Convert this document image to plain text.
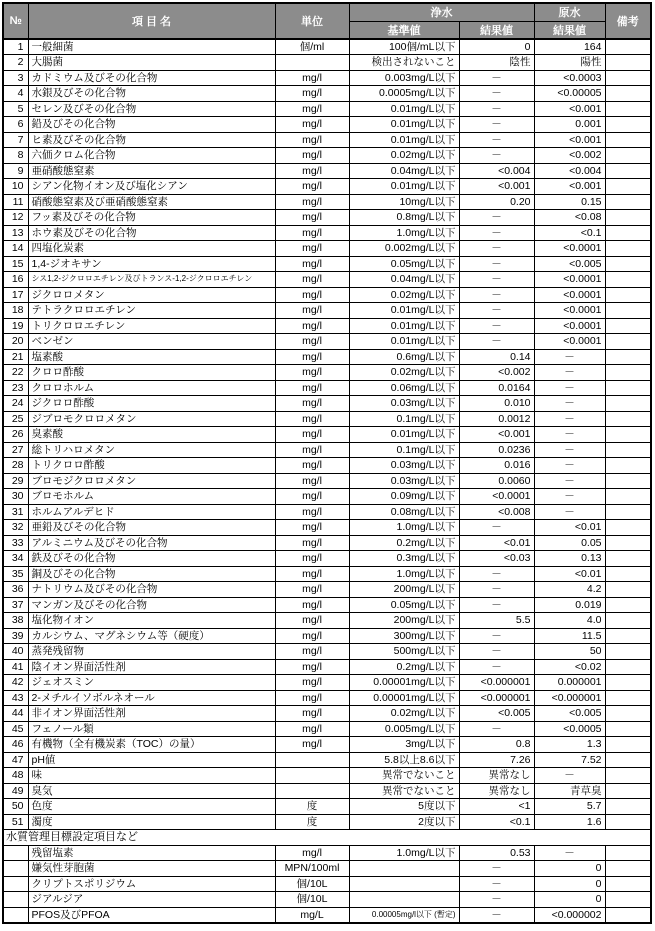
№	項 目 名	単位	浄水		原水	備考
			基準値	結果値	結果値	
1	一般細菌	個/ml	100個/mL以下	0	164	
2	大腸菌		検出されないこと	陰性	陽性	
3	カドミウム及びその化合物	mg/l	0.003mg/L以下	－	<0.0003	
4	水銀及びその化合物	mg/l	0.0005mg/L以下	－	<0.00005	
5	セレン及びその化合物	mg/l	0.01mg/L以下	－	<0.001	
6	鉛及びその化合物	mg/l	0.01mg/L以下	－	0.001	
7	ヒ素及びその化合物	mg/l	0.01mg/L以下	－	<0.001	
8	六価クロム化合物	mg/l	0.02mg/L以下	－	<0.002	
9	亜硝酸態窒素	mg/l	0.04mg/L以下	<0.004	<0.004	
10	シアン化物イオン及び塩化シアン	mg/l	0.01mg/L以下	<0.001	<0.001	
11	硝酸態窒素及び亜硝酸態窒素	mg/l	10mg/L以下	0.20	0.15	
12	フッ素及びその化合物	mg/l	0.8mg/L以下	－	<0.08	
13	ホウ素及びその化合物	mg/l	1.0mg/L以下	－	<0.1	
14	四塩化炭素	mg/l	0.002mg/L以下	－	<0.0001	
15	1,4-ジオキサン	mg/l	0.05mg/L以下	－	<0.005	
16	シス1,2-ジクロロエチレン及びトランス-1,2-ジクロロエチレン	mg/l	0.04mg/L以下	－	<0.0001	
17	ジクロロメタン	mg/l	0.02mg/L以下	－	<0.0001	
18	テトラクロロエチレン	mg/l	0.01mg/L以下	－	<0.0001	
19	トリクロロエチレン	mg/l	0.01mg/L以下	－	<0.0001	
20	ベンゼン	mg/l	0.01mg/L以下	－	<0.0001	
21	塩素酸	mg/l	0.6mg/L以下	0.14	－	
22	クロロ酢酸	mg/l	0.02mg/L以下	<0.002	－	
23	クロロホルム	mg/l	0.06mg/L以下	0.0164	－	
24	ジクロロ酢酸	mg/l	0.03mg/L以下	0.010	－	
25	ジブロモクロロメタン	mg/l	0.1mg/L以下	0.0012	－	
26	臭素酸	mg/l	0.01mg/L以下	<0.001	－	
27	総トリハロメタン	mg/l	0.1mg/L以下	0.0236	－	
28	トリクロロ酢酸	mg/l	0.03mg/L以下	0.016	－	
29	ブロモジクロロメタン	mg/l	0.03mg/L以下	0.0060	－	
30	ブロモホルム	mg/l	0.09mg/L以下	<0.0001	－	
31	ホルムアルデヒド	mg/l	0.08mg/L以下	<0.008	－	
32	亜鉛及びその化合物	mg/l	1.0mg/L以下	－	<0.01	
33	アルミニウム及びその化合物	mg/l	0.2mg/L以下	<0.01	0.05	
34	鉄及びその化合物	mg/l	0.3mg/L以下	<0.03	0.13	
35	銅及びその化合物	mg/l	1.0mg/L以下	－	<0.01	
36	ナトリウム及びその化合物	mg/l	200mg/L以下	－	4.2	
37	マンガン及びその化合物	mg/l	0.05mg/L以下	－	0.019	
38	塩化物イオン	mg/l	200mg/L以下	5.5	4.0	
39	カルシウム、マグネシウム等（硬度）	mg/l	300mg/L以下	－	11.5	
40	蒸発残留物	mg/l	500mg/L以下	－	50	
41	陰イオン界面活性剤	mg/l	0.2mg/L以下	－	<0.02	
42	ジェオスミン	mg/l	0.00001mg/L以下	<0.000001	0.000001	
43	2-メチルイソボルネオール	mg/l	0.00001mg/L以下	<0.000001	<0.000001	
44	非イオン界面活性剤	mg/l	0.02mg/L以下	<0.005	<0.005	
45	フェノール類	mg/l	0.005mg/L以下	－	<0.0005	
46	有機物（全有機炭素（TOC）の量）	mg/l	3mg/L以下	0.8	1.3	
47	pH値		5.8以上8.6以下	7.26	7.52	
48	味		異常でないこと	異常なし	－	
49	臭気		異常でないこと	異常なし	青草臭	
50	色度	度	5度以下	<1	5.7	
51	濁度	度	2度以下	<0.1	1.6	
水質管理目標設定項目など						
	残留塩素	mg/l	1.0mg/L以下	0.53	－	
	嫌気性芽胞菌	MPN/100ml		－	0	
	クリプトスポリジウム	個/10L		－	0	
	ジアルジア	個/10L		－	0	
	PFOS及びPFOA	mg/L	0.00005mg/l以下 (暫定)	－	<0.000002	
